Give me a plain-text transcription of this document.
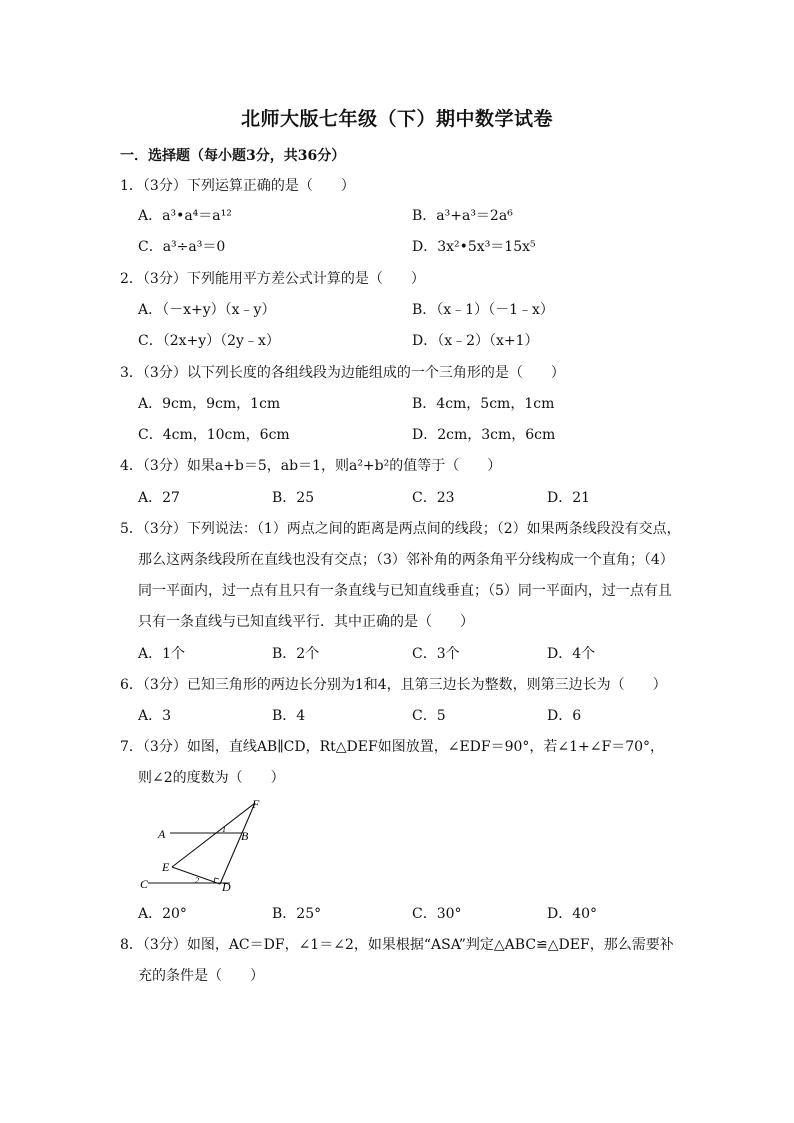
北师大版七年级（下）期中数学试卷
一．选择题（每小题3分，共36分）
1．（3分）下列运算正确的是（　　）
A．a³•a⁴＝a¹²	B．a³+a³＝2a⁶
C．a³÷a³＝0	D．3x²•5x³＝15x⁵
2．（3分）下列能用平方差公式计算的是（　　）
A．（－x+y）（x﹣y）	B．（x﹣1）（－1﹣x）
C．（2x+y）（2y﹣x）	D．（x﹣2）（x+1）
3．（3分）以下列长度的各组线段为边能组成的一个三角形的是（　　）
A．9cm，9cm，1cm	B．4cm，5cm，1cm
C．4cm，10cm，6cm	D．2cm，3cm，6cm
4．（3分）如果a+b＝5，ab＝1，则a²+b²的值等于（　　）
A．27	B．25	C．23	D．21
5．（3分）下列说法：（1）两点之间的距离是两点间的线段；（2）如果两条线段没有交点，
那么这两条线段所在直线也没有交点；（3）邻补角的两条角平分线构成一个直角；（4）
同一平面内，过一点有且只有一条直线与已知直线垂直；（5）同一平面内，过一点有且
只有一条直线与已知直线平行．其中正确的是（　　）
A．1个	B．2个	C．3个	D．4个
6．（3分）已知三角形的两边长分别为1和4，且第三边长为整数，则第三边长为（　　）
A．3	B．4	C．5	D．6
7．（3分）如图，直线AB∥CD，Rt△DEF如图放置，∠EDF＝90°，若∠1+∠F＝70°，
则∠2的度数为（　　）
F
A	B
E
C	D
1
2
A．20°	B．25°	C．30°	D．40°
8．（3分）如图，AC＝DF，∠1＝∠2，如果根据“ASA”判定△ABC≌△DEF，那么需要补
充的条件是（　　）
